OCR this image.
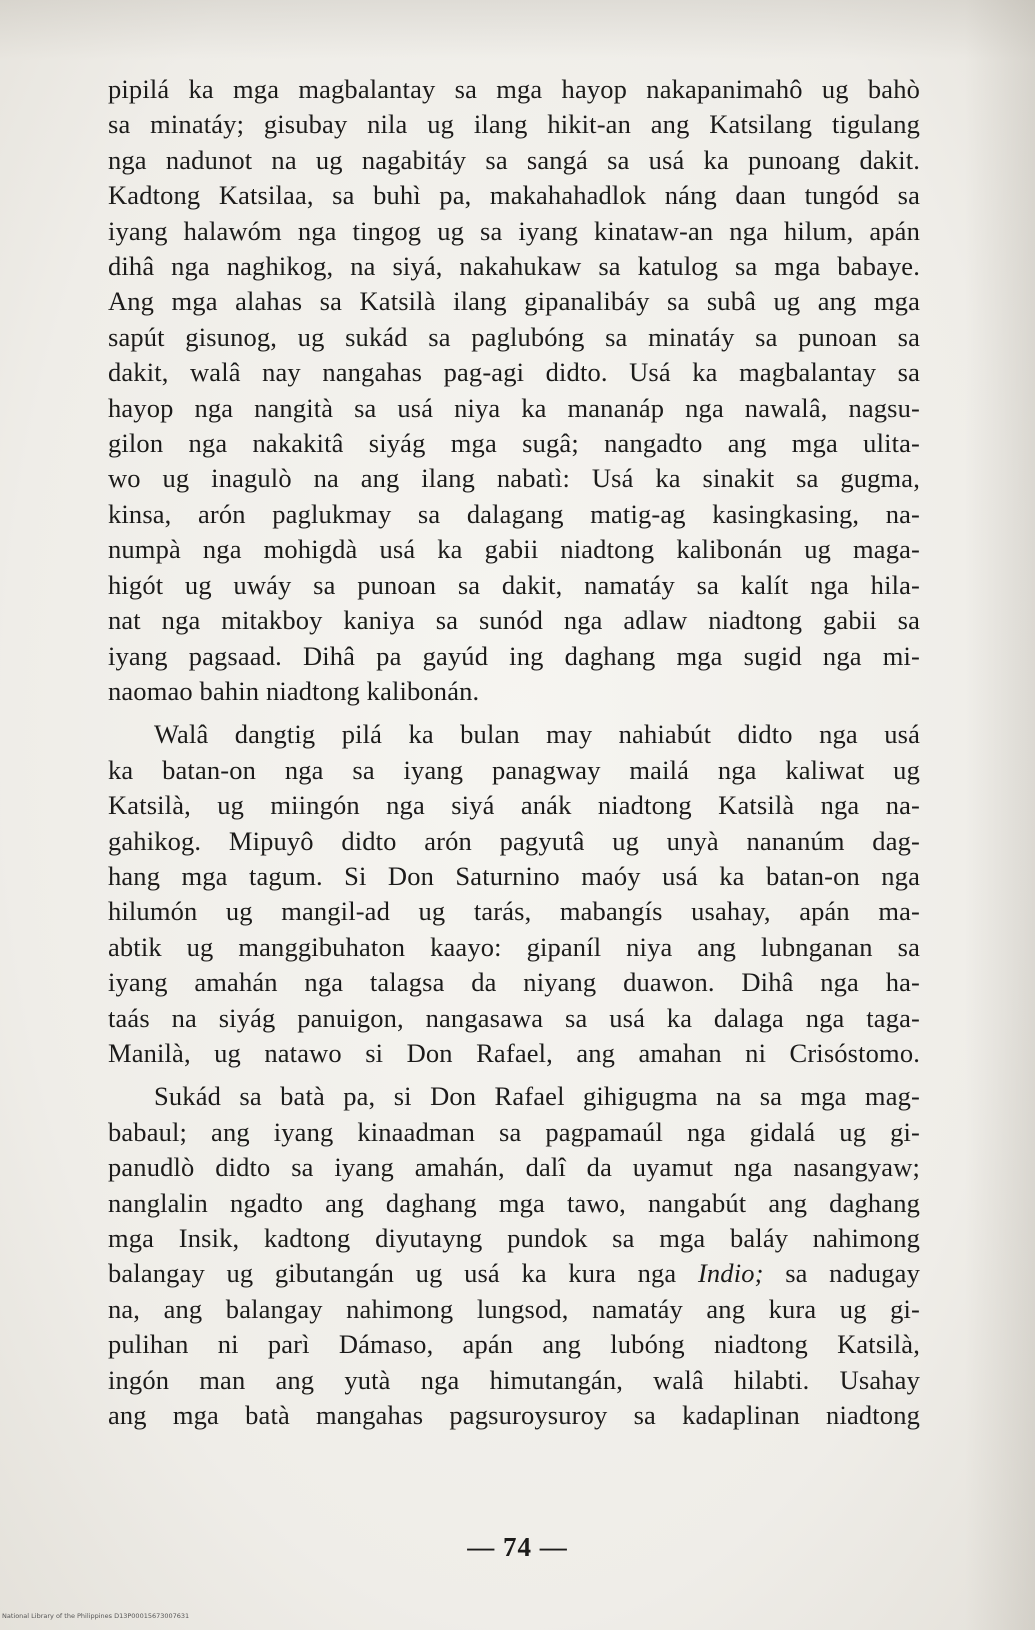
pipilá ka mga magbalantay sa mga hayop nakapanimahô ug bahò
sa minatáy; gisubay nila ug ilang hikit-an ang Katsilang tigulang
nga nadunot na ug nagabitáy sa sangá sa usá ka punoang dakit.
Kadtong Katsilaa, sa buhì pa, makahahadlok náng daan tungód sa
iyang halawóm nga tingog ug sa iyang kinataw-an nga hilum, apán
dihâ nga naghikog, na siyá, nakahukaw sa katulog sa mga babaye.
Ang mga alahas sa Katsilà ilang gipanalibáy sa subâ ug ang mga
sapút gisunog, ug sukád sa paglubóng sa minatáy sa punoan sa
dakit, walâ nay nangahas pag-agi didto. Usá ka magbalantay sa
hayop nga nangità sa usá niya ka mananáp nga nawalâ, nagsu-
gilon nga nakakitâ siyág mga sugâ; nangadto ang mga ulita-
wo ug inagulò na ang ilang nabatì: Usá ka sinakit sa gugma,
kinsa, arón paglukmay sa dalagang matig-ag kasingkasing, na-
numpà nga mohigdà usá ka gabii niadtong kalibonán ug maga-
higót ug uwáy sa punoan sa dakit, namatáy sa kalít nga hila-
nat nga mitakboy kaniya sa sunód nga adlaw niadtong gabii sa
iyang pagsaad. Dihâ pa gayúd ing daghang mga sugid nga mi-
naomao bahin niadtong kalibonán.

Walâ dangtig pilá ka bulan may nahiabút didto nga usá
ka batan-on nga sa iyang panagway mailá nga kaliwat ug
Katsilà, ug miingón nga siyá anák niadtong Katsilà nga na-
gahikog. Mipuyô didto arón pagyutâ ug unyà nananúm dag-
hang mga tagum. Si Don Saturnino maóy usá ka batan-on nga
hilumón ug mangil-ad ug tarás, mabangís usahay, apán ma-
abtik ug manggibuhaton kaayo: gipaníl niya ang lubnganan sa
iyang amahán nga talagsa da niyang duawon. Dihâ nga ha-
taás na siyág panuigon, nangasawa sa usá ka dalaga nga taga-
Manilà, ug natawo si Don Rafael, ang amahan ni Crisóstomo.

Sukád sa batà pa, si Don Rafael gihigugma na sa mga mag-
babaul; ang iyang kinaadman sa pagpamaúl nga gidalá ug gi-
panudlò didto sa iyang amahán, dalî da uyamut nga nasangyaw;
nanglalin ngadto ang daghang mga tawo, nangabút ang daghang
mga Insik, kadtong diyutayng pundok sa mga baláy nahimong
balangay ug gibutangán ug usá ka kura nga Indio; sa nadugay
na, ang balangay nahimong lungsod, namatáy ang kura ug gi-
pulihan ni parì Dámaso, apán ang lubóng niadtong Katsilà,
ingón man ang yutà nga himutangán, walâ hilabti. Usahay
ang mga batà mangahas pagsuroysuroy sa kadaplinan niadtong

— 74 —
National Library of the Philippines D13P00015673007631
